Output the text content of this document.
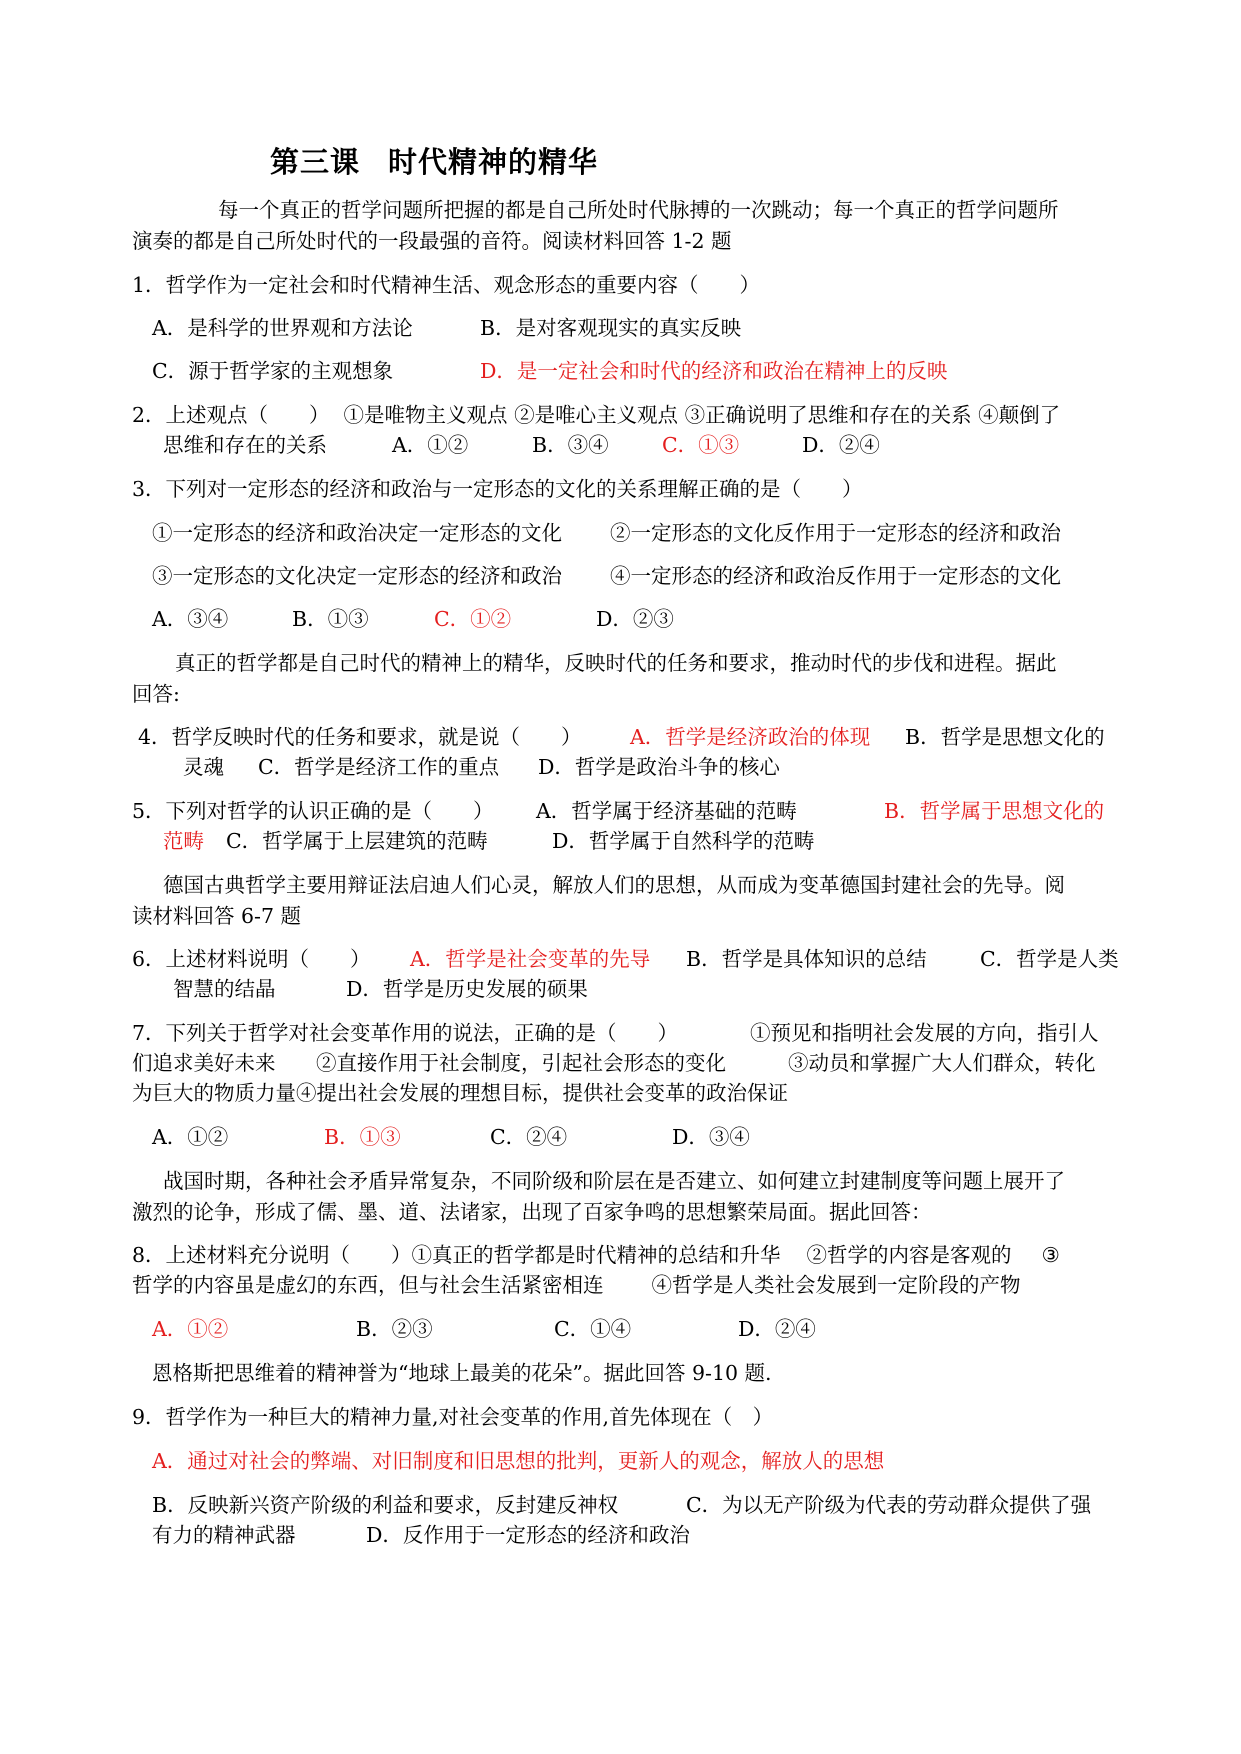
第三课 时代精神的精华
每一个真正的哲学问题所把握的都是自己所处时代脉搏的一次跳动；每一个真正的哲学问题所
演奏的都是自己所处时代的一段最强的音符。阅读材料回答 1-2 题
1．哲学作为一定社会和时代精神生活、观念形态的重要内容（　　）
A．是科学的世界观和方法论	B．是对客观现实的真实反映
C．源于哲学家的主观想象	D．是一定社会和时代的经济和政治在精神上的反映
2．上述观点（　　） ①是唯物主义观点 ②是唯心主义观点 ③正确说明了思维和存在的关系 ④颠倒了
思维和存在的关系	A．①②	B．③④	C．①③	D．②④
3．下列对一定形态的经济和政治与一定形态的文化的关系理解正确的是（　　）
①一定形态的经济和政治决定一定形态的文化 ②一定形态的文化反作用于一定形态的经济和政治
③一定形态的文化决定一定形态的经济和政治 ④一定形态的经济和政治反作用于一定形态的文化
A．③④	B．①③	C．①②	D．②③
真正的哲学都是自己时代的精神上的精华，反映时代的任务和要求，推动时代的步伐和进程。据此
回答:
4．哲学反映时代的任务和要求，就是说（　　） A．哲学是经济政治的体现 B．哲学是思想文化的
灵魂 C．哲学是经济工作的重点 D．哲学是政治斗争的核心
5．下列对哲学的认识正确的是（　　） A．哲学属于经济基础的范畴	B．哲学属于思想文化的
范畴 C．哲学属于上层建筑的范畴	D．哲学属于自然科学的范畴
德国古典哲学主要用辩证法启迪人们心灵，解放人们的思想，从而成为变革德国封建社会的先导。阅
读材料回答 6-7 题
6．上述材料说明（　　） A．哲学是社会变革的先导 B．哲学是具体知识的总结	C．哲学是人类
智慧的结晶	D．哲学是历史发展的硕果
7．下列关于哲学对社会变革作用的说法，正确的是（　　）	①预见和指明社会发展的方向，指引人
们追求美好未来 ②直接作用于社会制度，引起社会形态的变化	③动员和掌握广大人们群众，转化
为巨大的物质力量④提出社会发展的理想目标，提供社会变革的政治保证
A．①②	B．①③	C．②④	D．③④
战国时期，各种社会矛盾异常复杂，不同阶级和阶层在是否建立、如何建立封建制度等问题上展开了
激烈的论争，形成了儒、墨、道、法诸家，出现了百家争鸣的思想繁荣局面。据此回答：
8．上述材料充分说明（　　）①真正的哲学都是时代精神的总结和升华 ②哲学的内容是客观的 ③
哲学的内容虽是虚幻的东西，但与社会生活紧密相连 ④哲学是人类社会发展到一定阶段的产物
A．①②	B．②③	C．①④	D．②④
恩格斯把思维着的精神誉为“地球上最美的花朵”。据此回答 9-10 题.
9．哲学作为一种巨大的精神力量,对社会变革的作用,首先体现在（　）
A．通过对社会的弊端、对旧制度和旧思想的批判，更新人的观念，解放人的思想
B．反映新兴资产阶级的利益和要求，反封建反神权	C．为以无产阶级为代表的劳动群众提供了强
有力的精神武器	D．反作用于一定形态的经济和政治
